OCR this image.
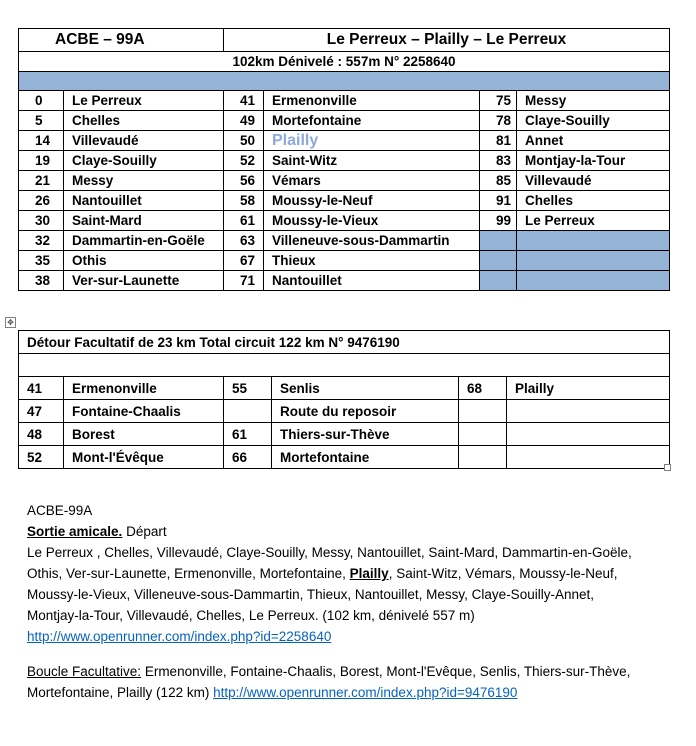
ACBE – 99A		Le Perreux – Plailly – Le Perreux			
102km Dénivelé : 557m N° 2258640					

0	Le Perreux	41	Ermenonville	75	Messy
5	Chelles	49	Mortefontaine	78	Claye-Souilly
14	Villevaudé	50	Plailly	81	Annet
19	Claye-Souilly	52	Saint-Witz	83	Montjay-la-Tour
21	Messy	56	Vémars	85	Villevaudé
26	Nantouillet	58	Moussy-le-Neuf	91	Chelles
30	Saint-Mard	61	Moussy-le-Vieux	99	Le Perreux
32	Dammartin-en-Goële	63	Villeneuve-sous-Dammartin		
35	Othis	67	Thieux		
38	Ver-sur-Launette	71	Nantouillet		
✥
Détour Facultatif de 23 km Total circuit 122 km N° 9476190					

41	Ermenonville	55	Senlis	68	Plailly
47	Fontaine-Chaalis		Route du reposoir		
48	Borest	61	Thiers-sur-Thève		
52	Mont-l'Évêque	66	Mortefontaine		

ACBE-99A

Sortie amicale. Départ

Le Perreux , Chelles, Villevaudé, Claye-Souilly, Messy, Nantouillet, Saint-Mard, Dammartin-en-Goële,

Othis, Ver-sur-Launette, Ermenonville, Mortefontaine, Plailly, Saint-Witz, Vémars, Moussy-le-Neuf,

Moussy-le-Vieux, Villeneuve-sous-Dammartin, Thieux, Nantouillet, Messy, Claye-Souilly-Annet,

Montjay-la-Tour, Villevaudé, Chelles, Le Perreux. (102 km, dénivelé 557 m)

http://www.openrunner.com/index.php?id=2258640

Boucle Facultative: Ermenonville, Fontaine-Chaalis, Borest, Mont-l'Evêque, Senlis, Thiers-sur-Thève,

Mortefontaine, Plailly (122 km) http://www.openrunner.com/index.php?id=9476190
